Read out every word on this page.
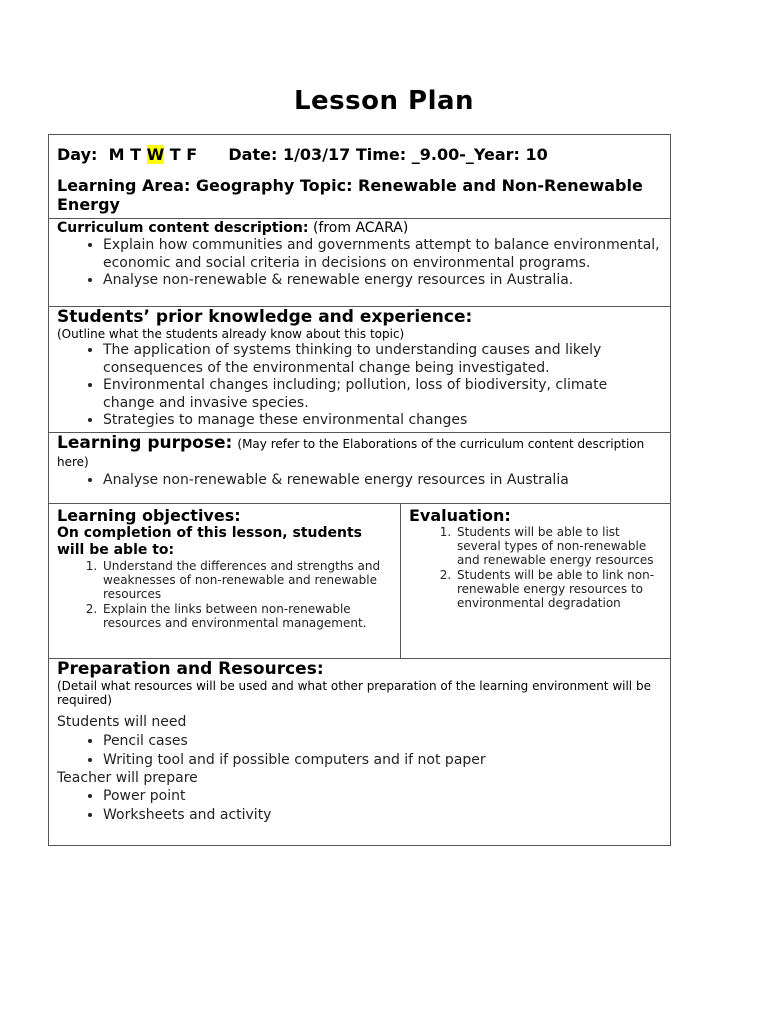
Lesson Plan
Day: M T W T F Date: 1/03/17 Time: _9.00-_Year: 10
Learning Area: Geography Topic: Renewable and Non-Renewable Energy
Curriculum content description: (from ACARA)
• Explain how communities and governments attempt to balance environmental, economic and social criteria in decisions on environmental programs.
• Analyse non-renewable & renewable energy resources in Australia.
Students’ prior knowledge and experience:
(Outline what the students already know about this topic)
• The application of systems thinking to understanding causes and likely consequences of the environmental change being investigated.
• Environmental changes including; pollution, loss of biodiversity, climate change and invasive species.
• Strategies to manage these environmental changes
Learning purpose: (May refer to the Elaborations of the curriculum content description here)
• Analyse non-renewable & renewable energy resources in Australia
Learning objectives:
On completion of this lesson, students will be able to:
1. Understand the differences and strengths and weaknesses of non-renewable and renewable resources
2. Explain the links between non-renewable resources and environmental management.
Evaluation:
1. Students will be able to list several types of non-renewable and renewable energy resources
2. Students will be able to link non- renewable energy resources to environmental degradation
Preparation and Resources:
(Detail what resources will be used and what other preparation of the learning environment will be required)
Students will need
• Pencil cases
• Writing tool and if possible computers and if not paper
Teacher will prepare
• Power point
• Worksheets and activity
